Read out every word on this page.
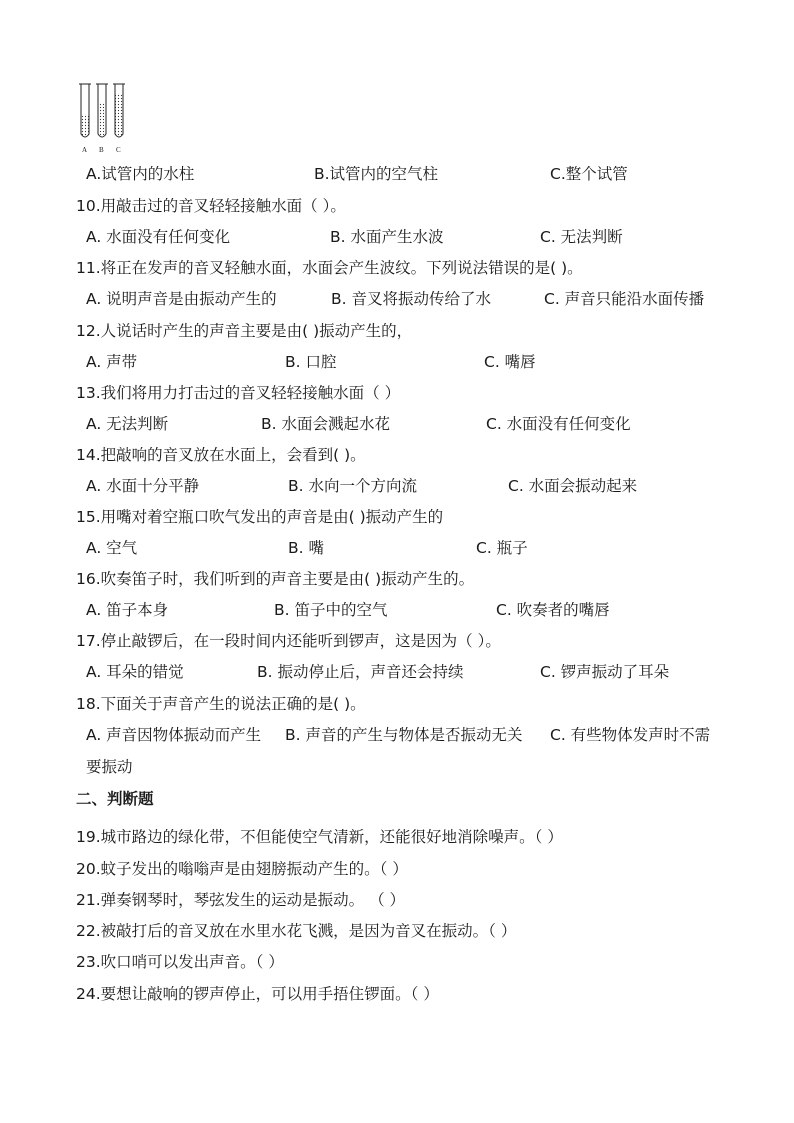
A B C
A.试管内的水柱	B.试管内的空气柱	C.整个试管
10.用敲击过的音叉轻轻接触水面（ ）。
A. 水面没有任何变化	B. 水面产生水波	C. 无法判断
11.将正在发声的音叉轻触水面，水面会产生波纹。下列说法错误的是( )。
A. 说明声音是由振动产生的	B. 音叉将振动传给了水	C. 声音只能沿水面传播
12.人说话时产生的声音主要是由( )振动产生的，
A. 声带	B. 口腔	C. 嘴唇
13.我们将用力打击过的音叉轻轻接触水面（ ）
A. 无法判断	B. 水面会溅起水花	C. 水面没有任何变化
14.把敲响的音叉放在水面上，会看到( )。
A. 水面十分平静	B. 水向一个方向流	C. 水面会振动起来
15.用嘴对着空瓶口吹气发出的声音是由( )振动产生的
A. 空气	B. 嘴	C. 瓶子
16.吹奏笛子时，我们听到的声音主要是由( )振动产生的。
A. 笛子本身	B. 笛子中的空气	C. 吹奏者的嘴唇
17.停止敲锣后，在一段时间内还能听到锣声，这是因为（ ）。
A. 耳朵的错觉	B. 振动停止后，声音还会持续	C. 锣声振动了耳朵
18.下面关于声音产生的说法正确的是( )。
A. 声音因物体振动而产生 B. 声音的产生与物体是否振动无关 C. 有些物体发声时不需
要振动
二、判断题
19.城市路边的绿化带，不但能使空气清新，还能很好地消除噪声。（ ）
20.蚊子发出的嗡嗡声是由翅膀振动产生的。（ ）
21.弹奏钢琴时，琴弦发生的运动是振动。 （ ）
22.被敲打后的音叉放在水里水花飞溅，是因为音叉在振动。（ ）
23.吹口哨可以发出声音。（ ）
24.要想让敲响的锣声停止，可以用手捂住锣面。（ ）
